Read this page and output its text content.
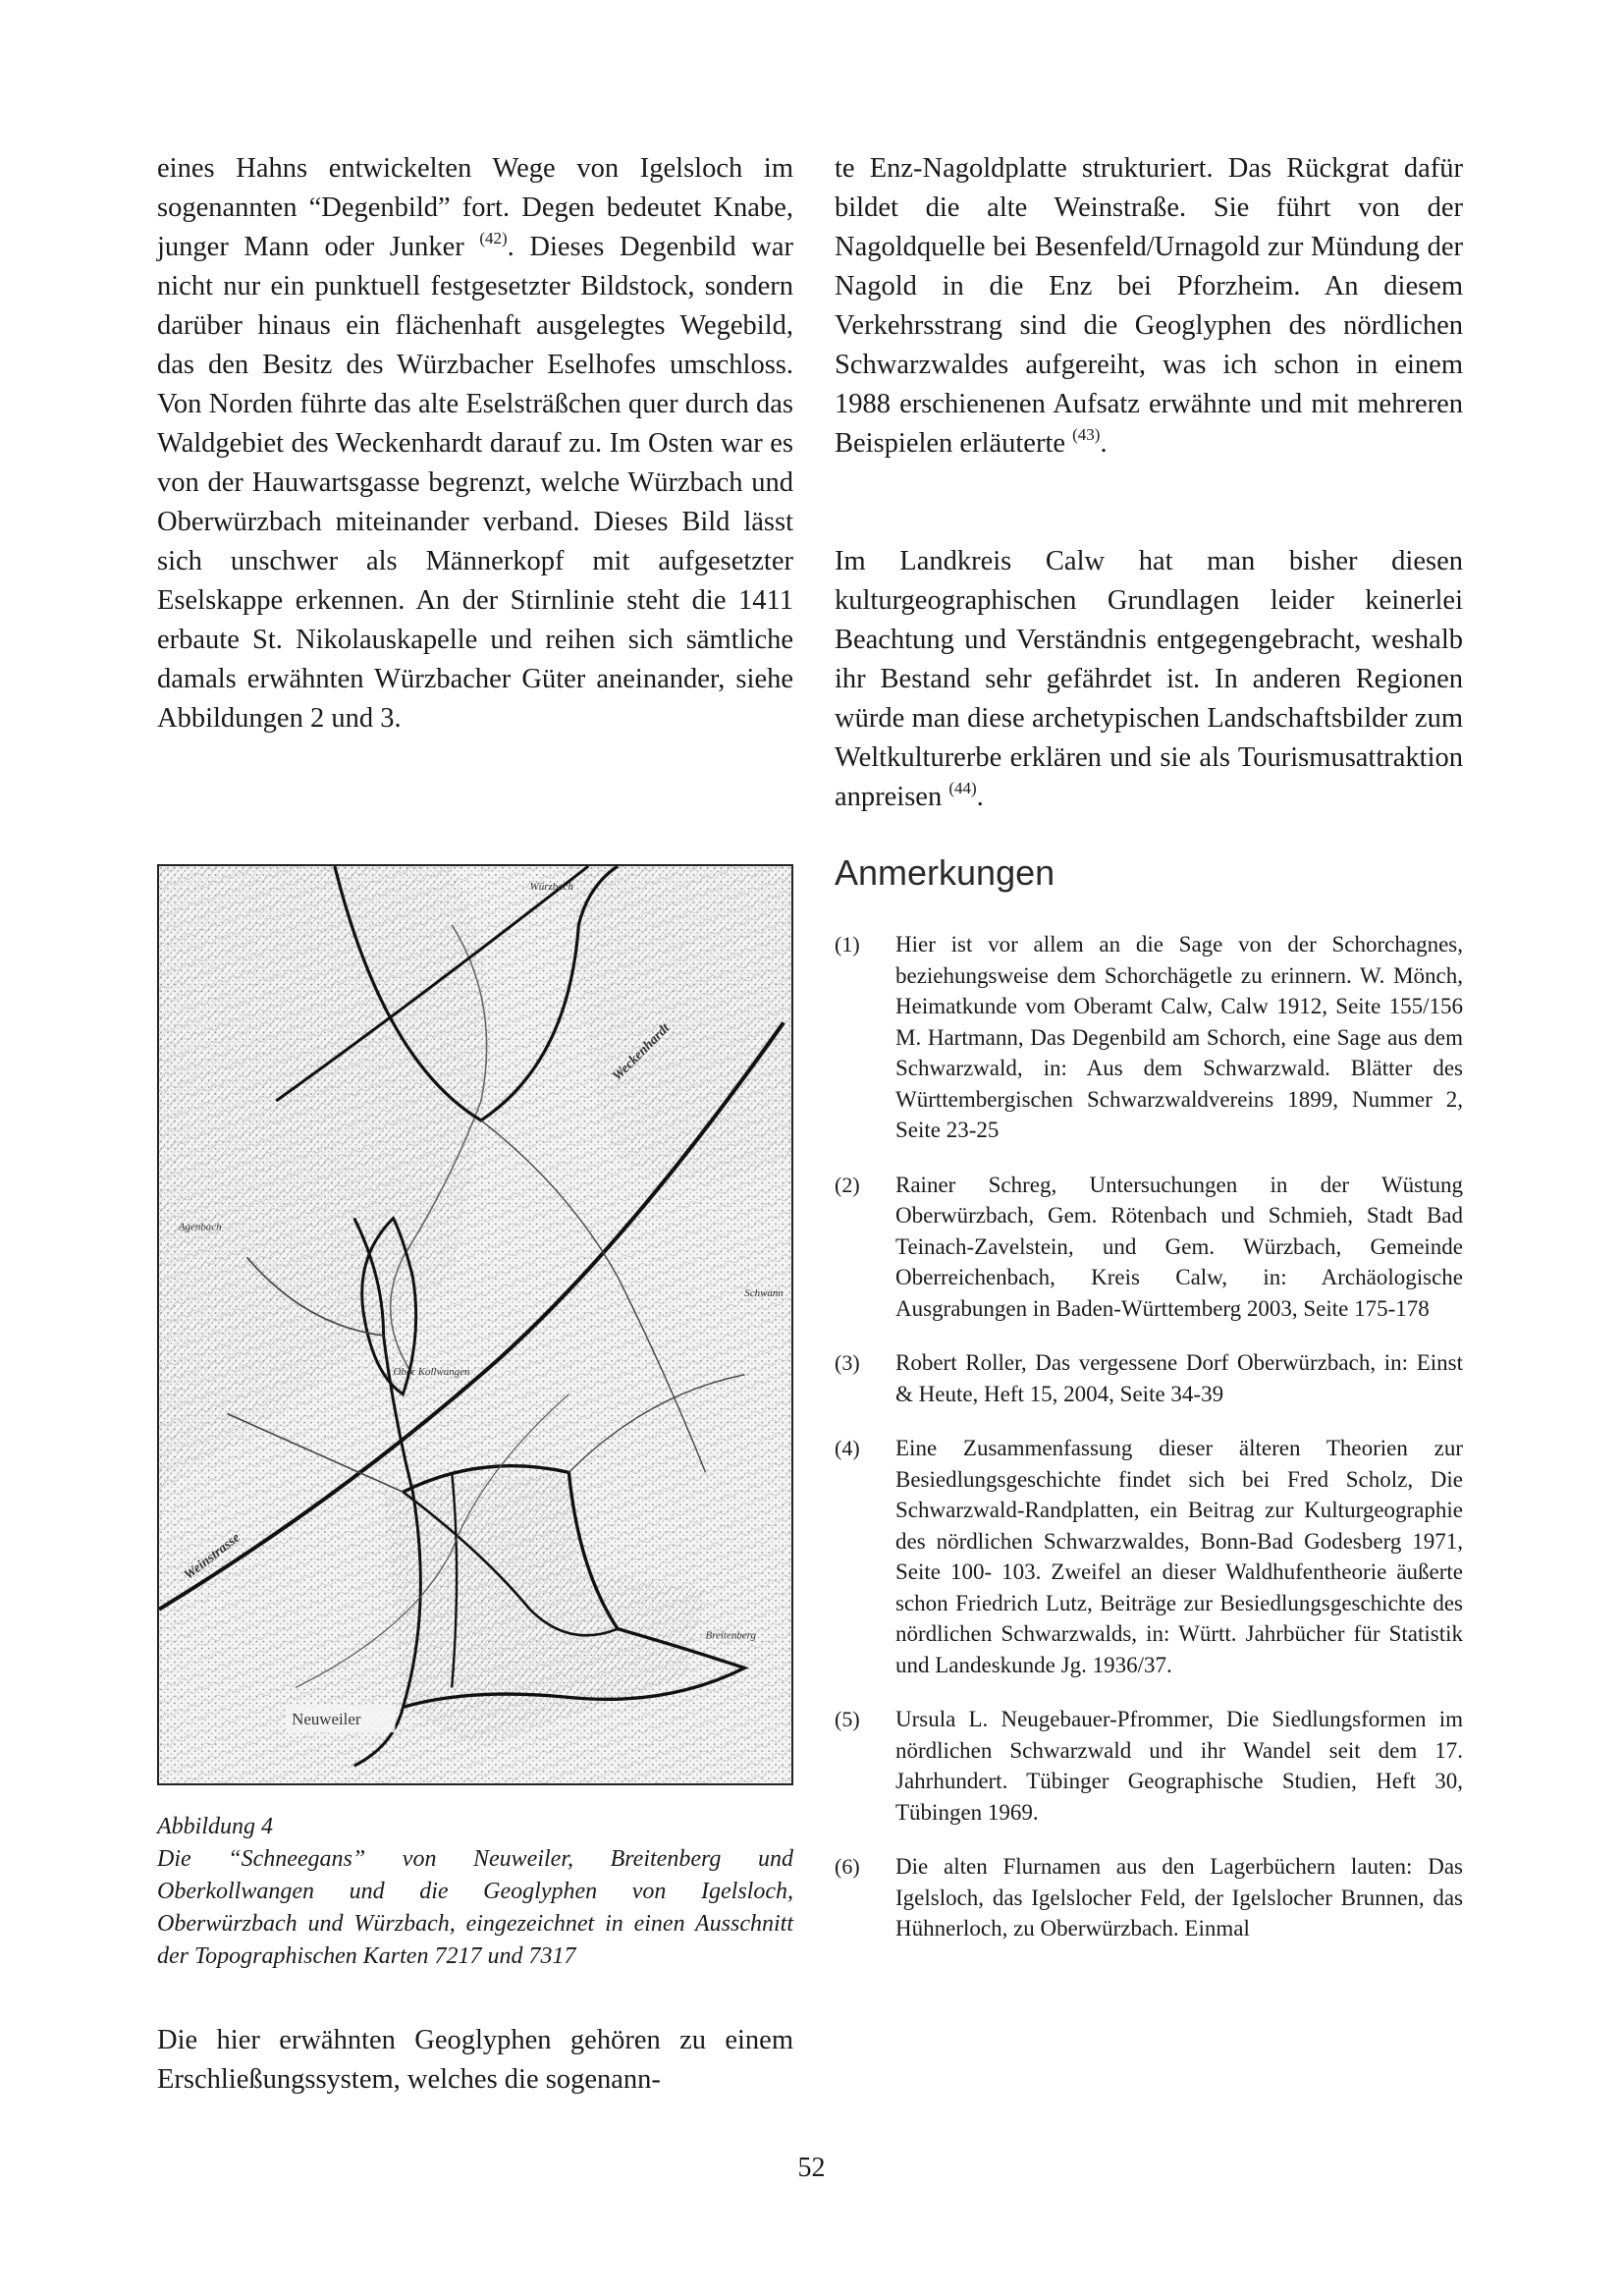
eines Hahns entwickelten Wege von Igelsloch im sogenannten “Degenbild” fort. Degen bedeutet Knabe, junger Mann oder Junker $^{(42)}$. Dieses Degenbild war nicht nur ein punktuell festgesetzter Bildstock, sondern darüber hinaus ein flächenhaft ausgelegtes Wegebild, das den Besitz des Würzbacher Eselhofes umschloss. Von Norden führte das alte Eselsträßchen quer durch das Waldgebiet des Weckenhardt darauf zu. Im Osten war es von der Hauwartsgasse begrenzt, welche Würzbach und Oberwürzbach miteinander verband. Dieses Bild lässt sich unschwer als Männerkopf mit aufgesetzter Eselskappe erkennen. An der Stirnlinie steht die 1411 erbaute St. Nikolauskapelle und reihen sich sämtliche damals erwähnten Würzbacher Güter aneinander, siehe Abbildungen 2 und 3.

Würzbach
Weckenhardt
Agenbach
Ober Kollwangen
Schwann
Weinstrasse
Breitenberg
Neuweiler
Abbildung 4
Die “Schneegans” von Neuweiler, Breitenberg und Oberkollwangen und die Geoglyphen von Igelsloch, Oberwürzbach und Würzbach, eingezeichnet in einen Ausschnitt der Topographischen Karten 7217 und 7317

Die hier erwähnten Geoglyphen gehören zu einem Erschließungssystem, welches die sogenann-

te Enz-Nagoldplatte strukturiert. Das Rückgrat dafür bildet die alte Weinstraße. Sie führt von der Nagoldquelle bei Besenfeld/Urnagold zur Mündung der Nagold in die Enz bei Pforzheim. An diesem Verkehrsstrang sind die Geoglyphen des nördlichen Schwarzwaldes aufgereiht, was ich schon in einem 1988 erschienenen Aufsatz erwähnte und mit mehreren Beispielen erläuterte $^{(43)}$.

Im Landkreis Calw hat man bisher diesen kulturgeographischen Grundlagen leider keinerlei Beachtung und Verständnis entgegengebracht, weshalb ihr Bestand sehr gefährdet ist. In anderen Regionen würde man diese archetypischen Landschaftsbilder zum Weltkulturerbe erklären und sie als Tourismusattraktion anpreisen $^{(44)}$.

Anmerkungen
(1) Hier ist vor allem an die Sage von der Schorchagnes, beziehungsweise dem Schorchägetle zu erinnern. W. Mönch, Heimatkunde vom Oberamt Calw, Calw 1912, Seite 155/156 M. Hartmann, Das Degenbild am Schorch, eine Sage aus dem Schwarzwald, in: Aus dem Schwarzwald. Blätter des Württembergischen Schwarzwaldvereins 1899, Nummer 2, Seite 23-25
(2) Rainer Schreg, Untersuchungen in der Wüstung Oberwürzbach, Gem. Rötenbach und Schmieh, Stadt Bad Teinach-Zavelstein, und Gem. Würzbach, Gemeinde Oberreichenbach, Kreis Calw, in: Archäologische Ausgrabungen in Baden-Württemberg 2003, Seite 175-178
(3) Robert Roller, Das vergessene Dorf Oberwürzbach, in: Einst & Heute, Heft 15, 2004, Seite 34-39
(4) Eine Zusammenfassung dieser älteren Theorien zur Besiedlungsgeschichte findet sich bei Fred Scholz, Die Schwarzwald-Randplatten, ein Beitrag zur Kulturgeographie des nördlichen Schwarzwaldes, Bonn-Bad Godesberg 1971, Seite 100- 103. Zweifel an dieser Waldhufentheorie äußerte schon Friedrich Lutz, Beiträge zur Besiedlungsgeschichte des nördlichen Schwarzwalds, in: Württ. Jahrbücher für Statistik und Landeskunde Jg. 1936/37.
(5) Ursula L. Neugebauer-Pfrommer, Die Siedlungsformen im nördlichen Schwarzwald und ihr Wandel seit dem 17. Jahrhundert. Tübinger Geographische Studien, Heft 30, Tübingen 1969.
(6) Die alten Flurnamen aus den Lagerbüchern lauten: Das Igelsloch, das Igelslocher Feld, der Igelslocher Brunnen, das Hühnerloch, zu Oberwürzbach. Einmal
52
